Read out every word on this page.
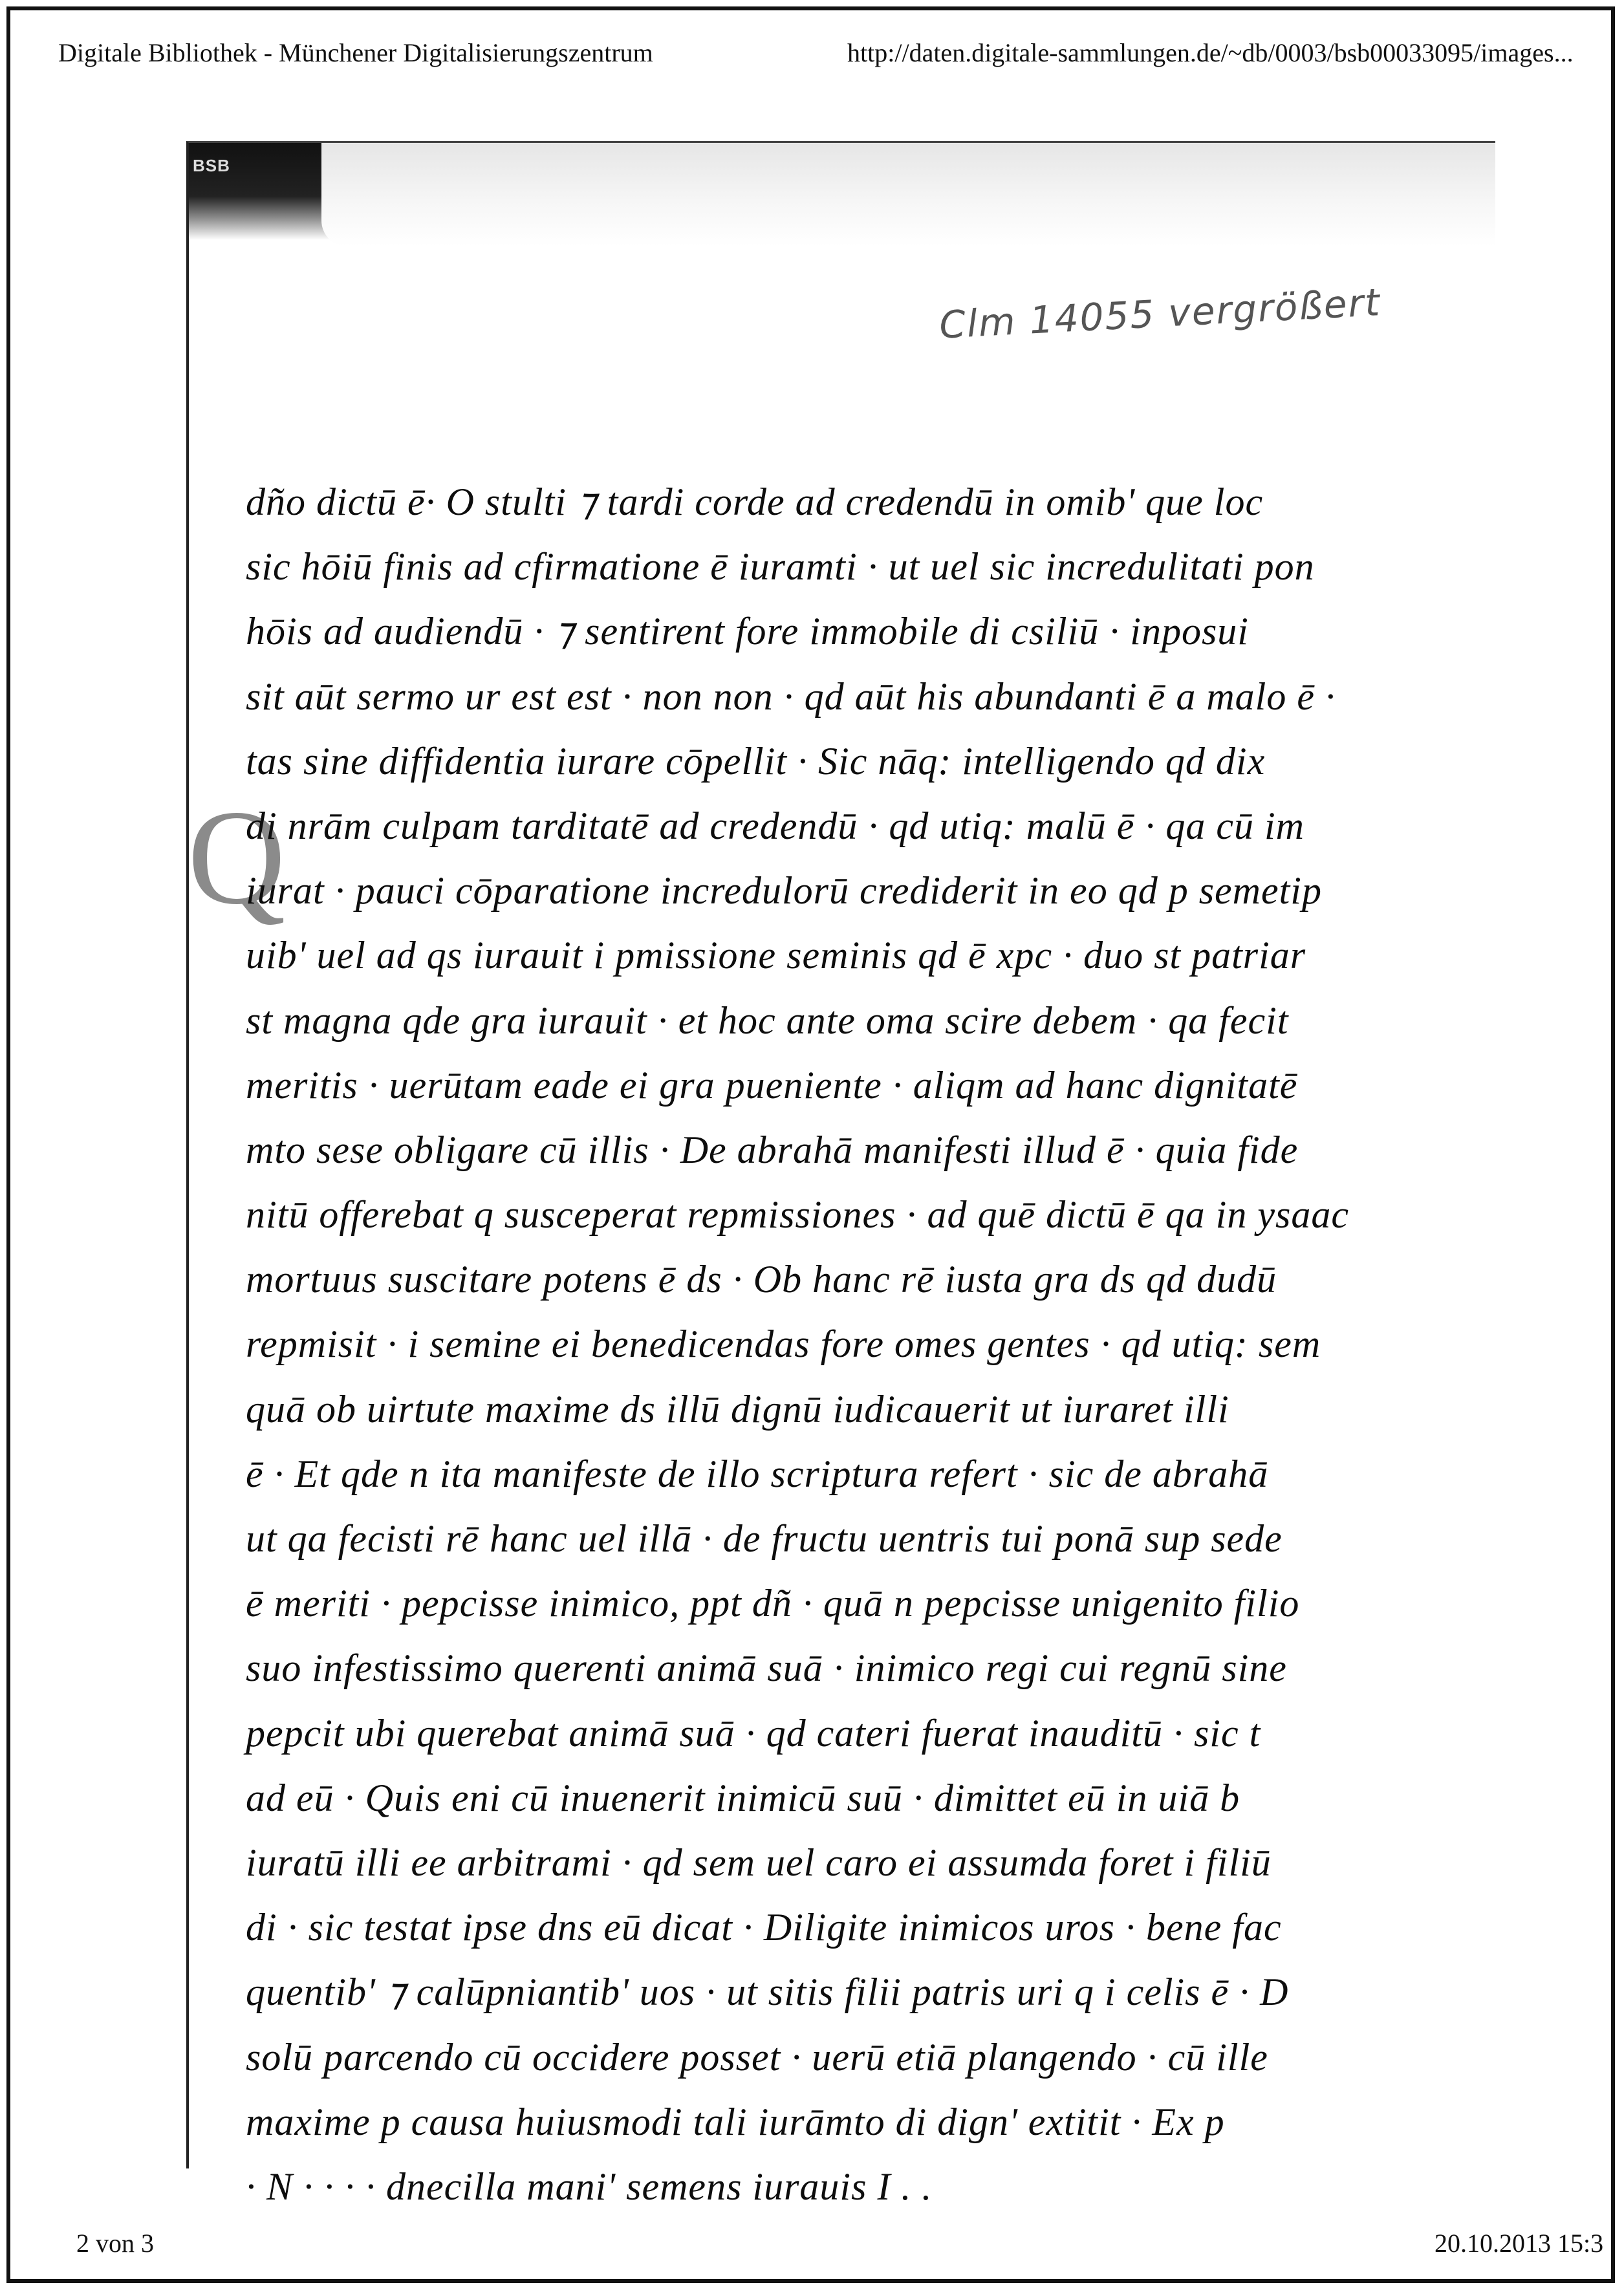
Digitale Bibliothek - Münchener Digitalisierungszentrum	http://daten.digitale-sammlungen.de/~db/0003/bsb00033095/images...
BSB
Clm 14055 vergrößert
Q
dño dictū ē· O stulti ⁊ tardi corde ad credendū in omib' que loc
sic hōiū finis ad cfirmatione ē iuramti · ut uel sic incredulitati pon
hōis ad audiendū · ⁊ sentirent fore immobile di csiliū · inposui
sit aūt sermo ur est est · non non · qd aūt his abundanti ē a malo ē ·
tas sine diffidentia iurare cōpellit · Sic nāq: intelligendo qd dix
di nrām culpam tarditatē ad credendū · qd utiq: malū ē · qa cū im
iurat · pauci cōparatione incredulorū crediderit in eo qd p semetip
uib' uel ad qs iurauit i pmissione seminis qd ē xpc · duo st patriar
st magna qde gra iurauit · et hoc ante oma scire debem · qa fecit
meritis · uerūtam eade ei gra pueniente · aliqm ad hanc dignitatē
mto sese obligare cū illis · De abrahā manifesti illud ē · quia fide
nitū offerebat q susceperat repmissiones · ad quē dictū ē qa in ysaac
mortuus suscitare potens ē ds · Ob hanc rē iusta gra ds qd dudū
repmisit · i semine ei benedicendas fore omes gentes · qd utiq: sem
quā ob uirtute maxime ds illū dignū iudicauerit ut iuraret illi
ē · Et qde n ita manifeste de illo scriptura refert · sic de abrahā
ut qa fecisti rē hanc uel illā · de fructu uentris tui ponā sup sede
ē meriti · pepcisse inimico, ppt dñ · quā n pepcisse unigenito filio
suo infestissimo querenti animā suā · inimico regi cui regnū sine
pepcit ubi querebat animā suā · qd cateri fuerat inauditū · sic t
ad eū · Quis eni cū inuenerit inimicū suū · dimittet eū in uiā b
iuratū illi ee arbitrami · qd sem uel caro ei assumda foret i filiū
di · sic testat ipse dns eū dicat · Diligite inimicos uros · bene fac
quentib' ⁊ calūpniantib' uos · ut sitis filii patris uri q i celis ē · D
solū parcendo cū occidere posset · uerū etiā plangendo · cū ille
maxime p causa huiusmodi tali iurāmto di dign' extitit · Ex p
· N · · · · dnecilla mani' semens iurauis I . .
2 von 3	20.10.2013 15:3
